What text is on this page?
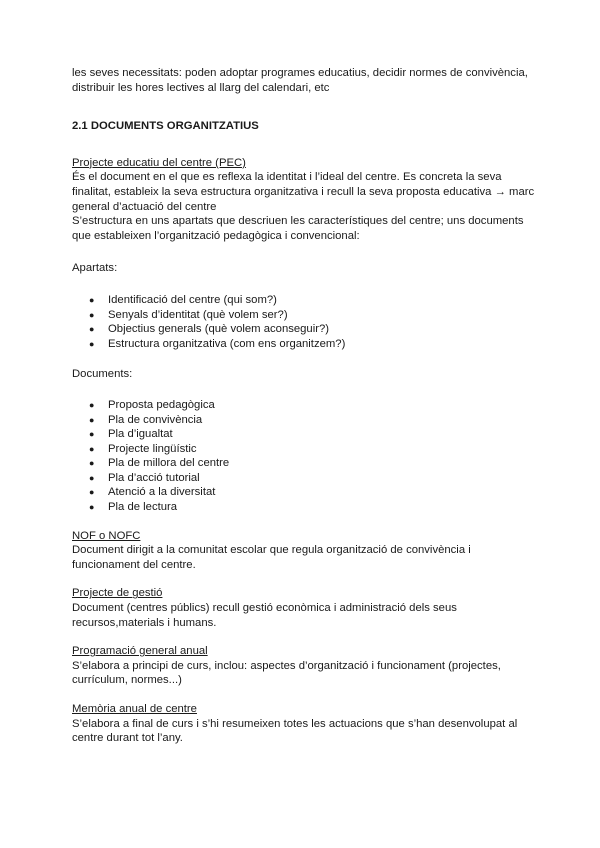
les seves necessitats: poden adoptar programes educatius, decidir normes de convivència,

distribuir les hores lectives al llarg del calendari, etc

2.1 DOCUMENTS ORGANITZATIUS

Projecte educatiu del centre (PEC)

És el document en el que es reflexa la identitat i l’ideal del centre. Es concreta la seva

finalitat, estableix la seva estructura organitzativa i recull la seva proposta educativa → marc

general d’actuació del centre

S’estructura en uns apartats que descriuen les característiques del centre; uns documents

que estableixen l’organització pedagògica i convencional:

Apartats:

● Identificació del centre (qui som?)
● Senyals d’identitat (què volem ser?)
● Objectius generals (què volem aconseguir?)
● Estructura organitzativa (com ens organitzem?)

Documents:

● Proposta pedagògica
● Pla de convivència
● Pla d’igualtat
● Projecte lingüístic
● Pla de millora del centre
● Pla d’acció tutorial
● Atenció a la diversitat
● Pla de lectura

NOF o NOFC

Document dirigit a la comunitat escolar que regula organització de convivència i

funcionament del centre.

Projecte de gestió

Document (centres públics) recull gestió econòmica i administració dels seus

recursos,materials i humans.

Programació general anual

S’elabora a principi de curs, inclou: aspectes d’organització i funcionament (projectes,

currículum, normes...)

Memòria anual de centre

S’elabora a final de curs i s’hi resumeixen totes les actuacions que s’han desenvolupat al

centre durant tot l’any.
